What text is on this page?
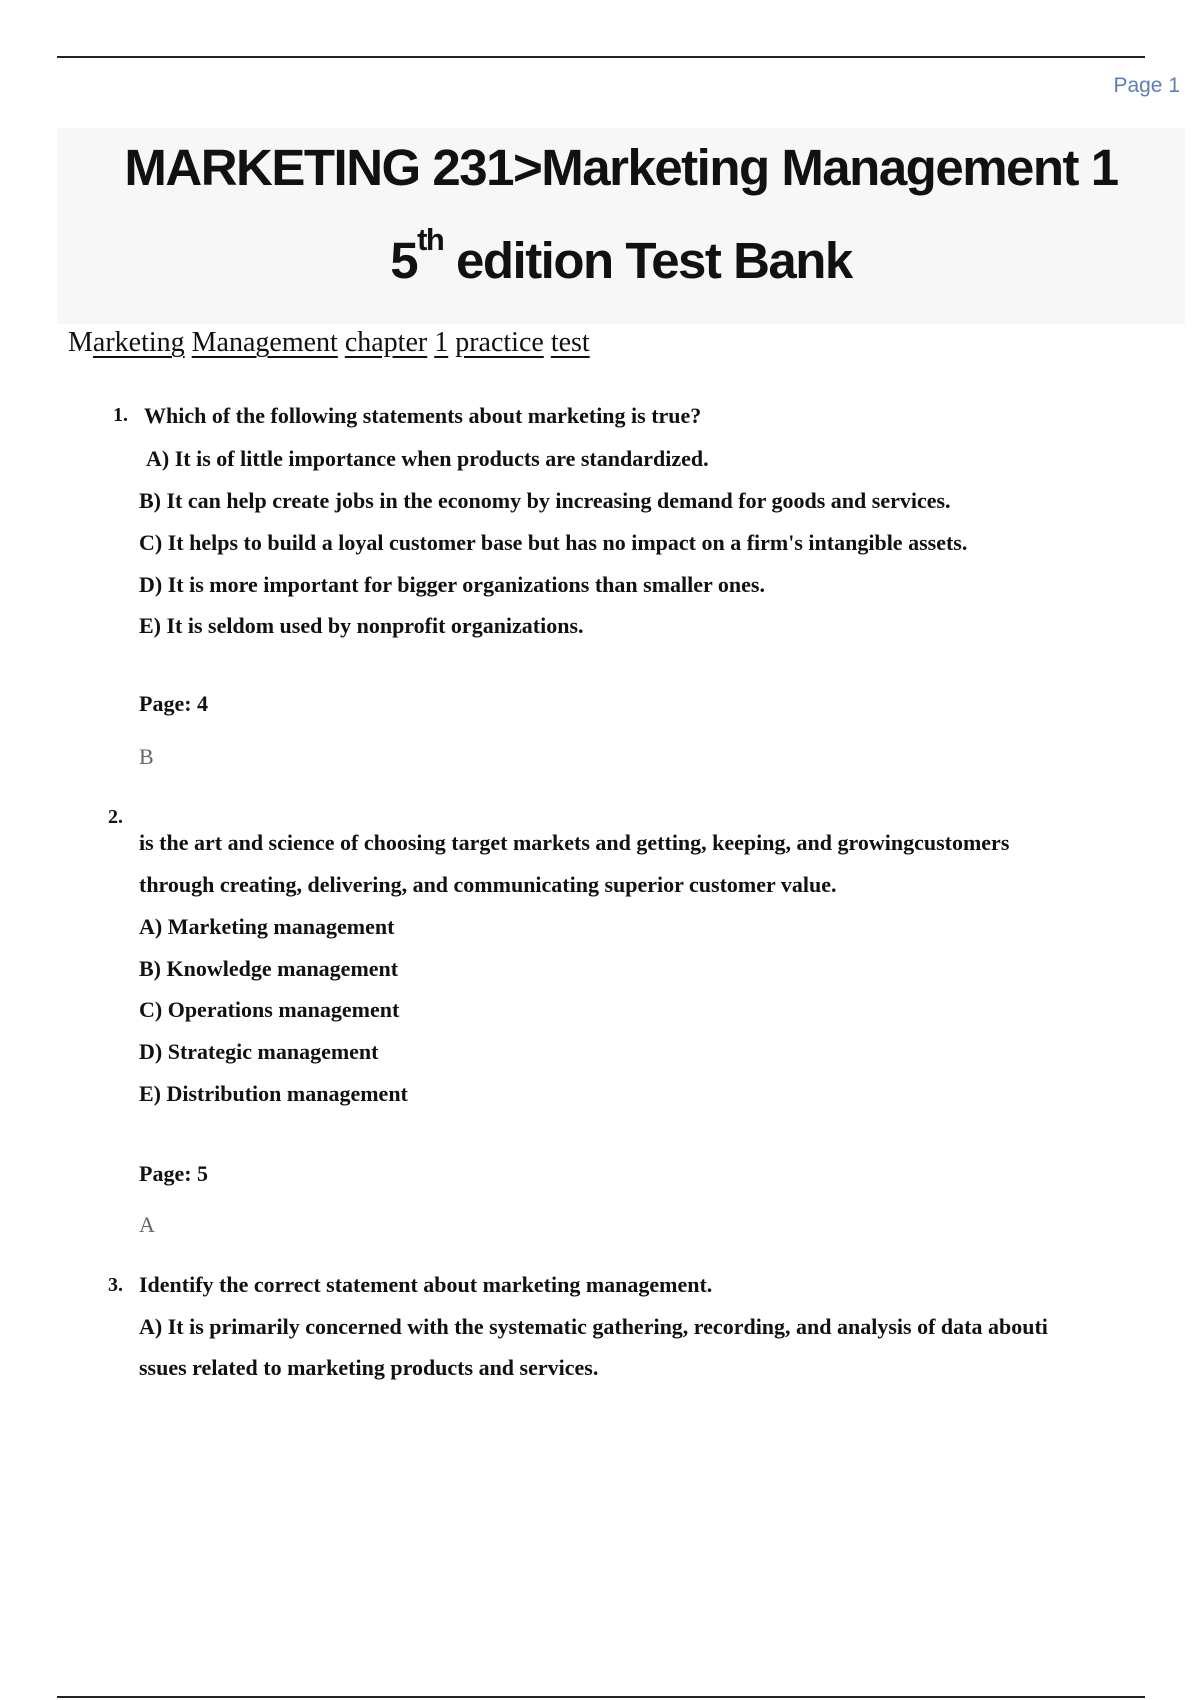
Page 1
MARKETING 231>Marketing Management 1
5th edition Test Bank
Marketing Management chapter 1 practice test
1. Which of the following statements about marketing is true?
A) It is of little importance when products are standardized.
B) It can help create jobs in the economy by increasing demand for goods and services.
C) It helps to build a loyal customer base but has no impact on a firm's intangible assets.
D) It is more important for bigger organizations than smaller ones.
E) It is seldom used by nonprofit organizations.
Page: 4
B
2.
is the art and science of choosing target markets and getting, keeping, and growingcustomers
through creating, delivering, and communicating superior customer value.
A) Marketing management
B) Knowledge management
C) Operations management
D) Strategic management
E) Distribution management
Page: 5
A
3. Identify the correct statement about marketing management.
A) It is primarily concerned with the systematic gathering, recording, and analysis of data abouti
ssues related to marketing products and services.
